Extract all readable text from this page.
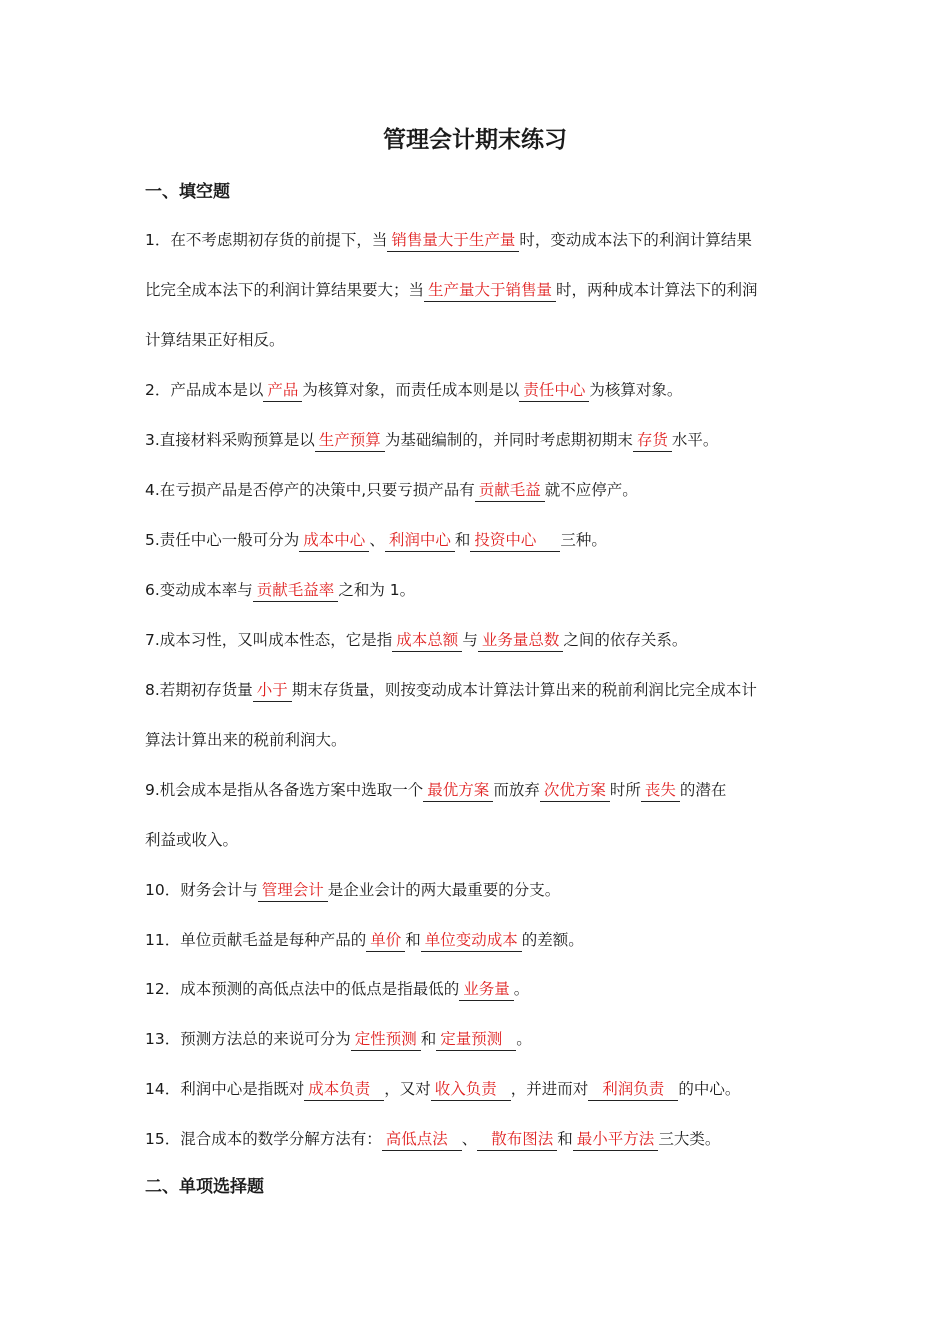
管理会计期末练习
一、填空题

1．在不考虑期初存货的前提下，当 销售量大于生产量 时，变动成本法下的利润计算结果

比完全成本法下的利润计算结果要大；当 生产量大于销售量 时，两种成本计算法下的利润

计算结果正好相反。

2．产品成本是以 产品 为核算对象，而责任成本则是以 责任中心 为核算对象。

3.直接材料采购预算是以 生产预算 为基础编制的，并同时考虑期初期末 存货 水平。

4.在亏损产品是否停产的决策中,只要亏损产品有 贡献毛益 就不应停产。

5.责任中心一般可分为 成本中心 、 利润中心 和 投资中心 三种。

6.变动成本率与 贡献毛益率 之和为 1。

7.成本习性，又叫成本性态，它是指 成本总额 与 业务量总数 之间的依存关系。

8.若期初存货量 小于 期末存货量，则按变动成本计算法计算出来的税前利润比完全成本计

算法计算出来的税前利润大。

9.机会成本是指从各备选方案中选取一个 最优方案 而放弃 次优方案 时所 丧失 的潜在

利益或收入。

10．财务会计与 管理会计 是企业会计的两大最重要的分支。

11．单位贡献毛益是每种产品的 单价 和 单位变动成本 的差额。

12．成本预测的高低点法中的低点是指最低的 业务量 。

13．预测方法总的来说可分为 定性预测 和 定量预测 。

14．利润中心是指既对 成本负责 ，又对 收入负责 ，并进而对 利润负责 的中心。

15．混合成本的数学分解方法有： 高低点法 、 散布图法 和 最小平方法 三大类。

二、单项选择题
